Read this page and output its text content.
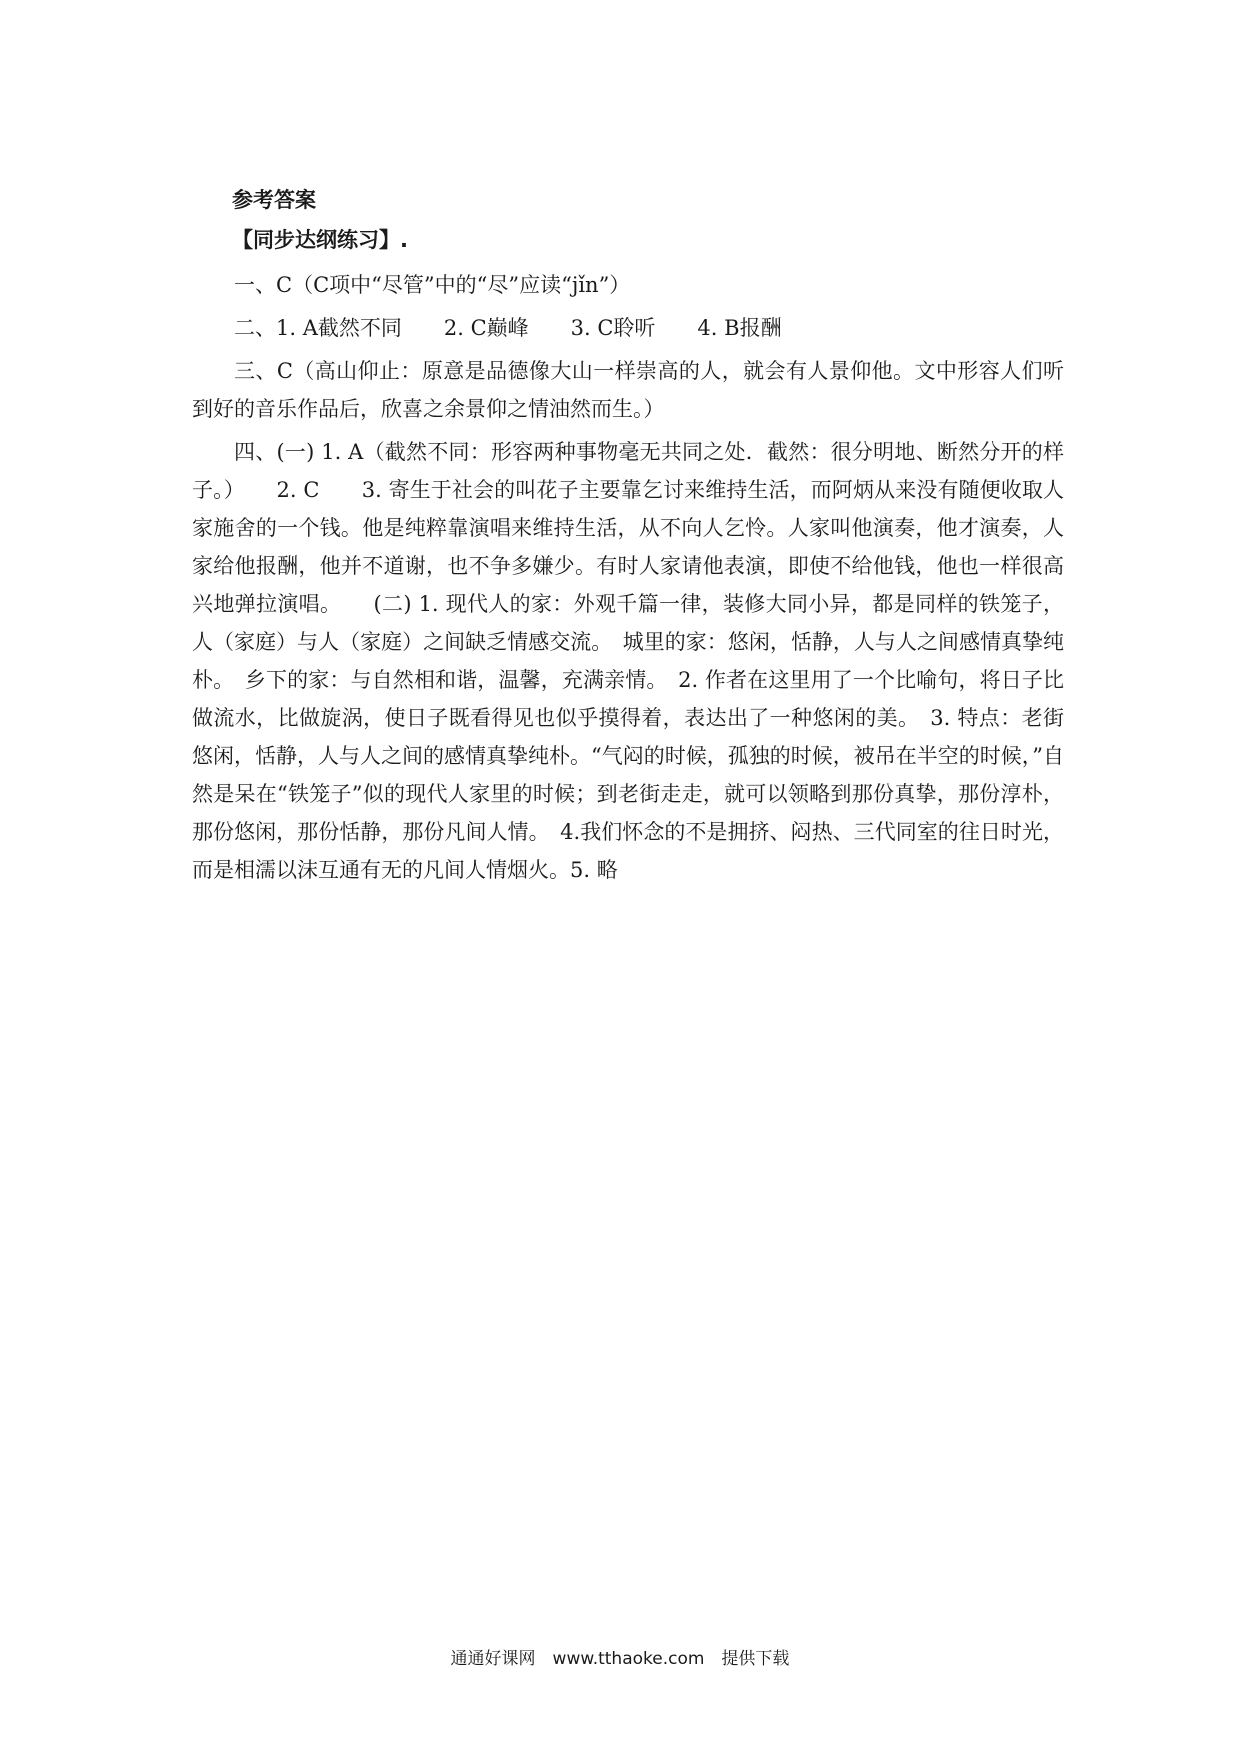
参考答案
【同步达纲练习】.

一、C（C项中“尽管”中的“尽”应读“jǐn”）

二、1. A截然不同　　2. C巅峰　　3. C聆听　　4. B报酬

三、C（高山仰止：原意是品德像大山一样崇高的人，就会有人景仰他。文中形容人们听到好的音乐作品后，欣喜之余景仰之情油然而生。）

四、(一) 1. A（截然不同：形容两种事物毫无共同之处．截然：很分明地、断然分开的样子。）　　2. C　　3. 寄生于社会的叫花子主要靠乞讨来维持生活，而阿炳从来没有随便收取人家施舍的一个钱。他是纯粹靠演唱来维持生活，从不向人乞怜。人家叫他演奏，他才演奏，人家给他报酬，他并不道谢，也不争多嫌少。有时人家请他表演，即使不给他钱，他也一样很高兴地弹拉演唱。　　(二) 1. 现代人的家：外观千篇一律，装修大同小异，都是同样的铁笼子，人（家庭）与人（家庭）之间缺乏情感交流。　城里的家：悠闲，恬静，人与人之间感情真挚纯朴。　乡下的家：与自然相和谐，温馨，充满亲情。　2. 作者在这里用了一个比喻句，将日子比做流水，比做旋涡，使日子既看得见也似乎摸得着，表达出了一种悠闲的美。　3. 特点：老街悠闲，恬静，人与人之间的感情真挚纯朴。“气闷的时候，孤独的时候，被吊在半空的时候，”自然是呆在“铁笼子”似的现代人家里的时候；到老街走走，就可以领略到那份真挚，那份淳朴，那份悠闲，那份恬静，那份凡间人情。　4.我们怀念的不是拥挤、闷热、三代同室的往日时光，而是相濡以沫互通有无的凡间人情烟火。5. 略

通通好课网　www.tthaoke.com　提供下载
